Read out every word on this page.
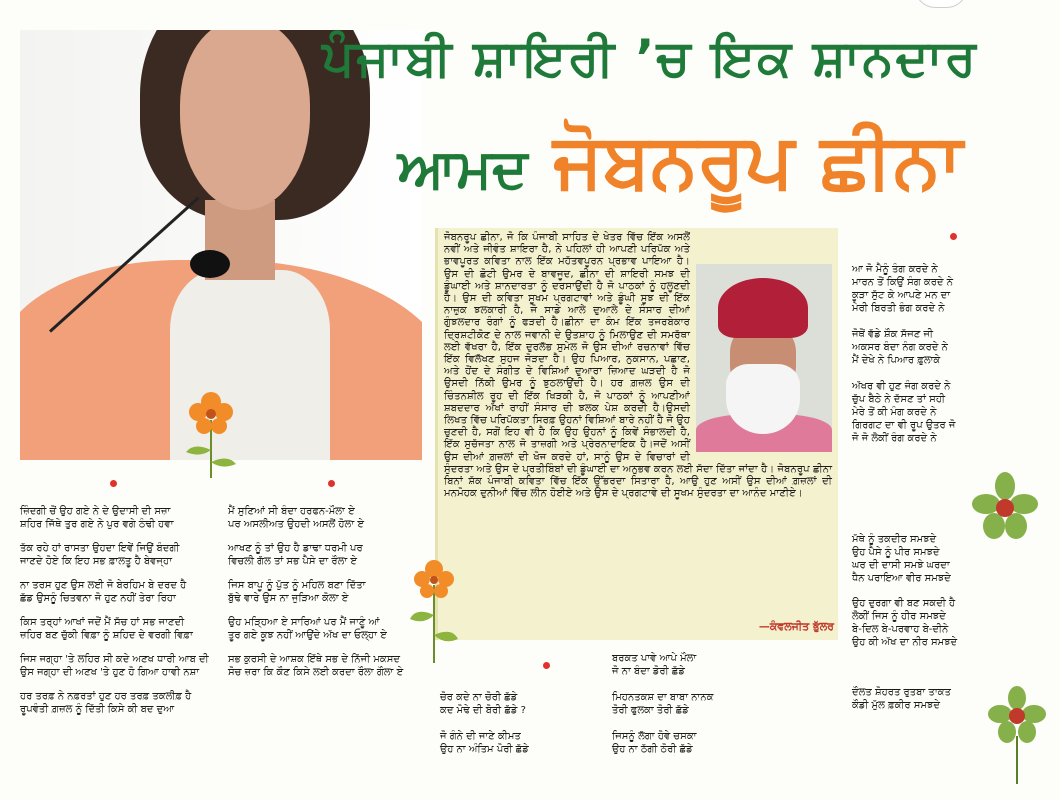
ਪੰਜਾਬੀ ਸ਼ਾਇਰੀ ’ਚ ਇਕ ਸ਼ਾਨਦਾਰ
ਆਮਦ ਜੋਬਨਰੂਪ ਛੀਨਾ

ਜੋਬਨਰੂਪ ਛੀਨਾ, ਜੋ ਕਿ ਪੰਜਾਬੀ ਸਾਹਿਤ ਦੇ ਖੇਤਰ ਵਿੱਚ ਇੱਕ ਅਸਲੋਂ ਨਵੀਂ ਅਤੇ ਜੀਵੰਤ ਸ਼ਾਇਰਾ ਹੈ, ਨੇ ਪਹਿਲਾਂ ਹੀ ਆਪਣੀ ਪਰਿਪੱਕ ਅਤੇ ਭਾਵਪੂਰਤ ਕਵਿਤਾ ਨਾਲ ਇੱਕ ਮਹੱਤਵਪੂਰਨ ਪ੍ਰਭਾਵ ਪਾਇਆ ਹੈ। ਉਸ ਦੀ ਛੋਟੀ ਉਮਰ ਦੇ ਬਾਵਜੂਦ, ਛੀਨਾ ਦੀ ਸ਼ਾਇਰੀ ਸਮਝ ਦੀ ਡੂੰਘਾਈ ਅਤੇ ਸ਼ਾਨਦਾਰਤਾ ਨੂੰ ਦਰਸਾਉਂਦੀ ਹੈ ਜੋ ਪਾਠਕਾਂ ਨੂੰ ਹਲੂਣਦੀ ਹੈ। ਉਸ ਦੀ ਕਵਿਤਾ ਸੂਖਮ ਪ੍ਰਗਟਾਵਾਂ ਅਤੇ ਡੂੰਘੀ ਸੂਝ ਦੀ ਇੱਕ ਨਾਜ਼ੁਕ ਝਲਕਾਰੀ ਹੈ, ਜੋ ਸਾਡੇ ਆਲੇ ਦੁਆਲੇ ਦੇ ਸੰਸਾਰ ਦੀਆਂ ਗੁੰਝਲਦਾਰ ਰੰਗਾਂ ਨੂੰ ਫੜਦੀ ਹੈ।ਛੀਨਾ ਦਾ ਕੰਮ ਇੱਕ ਤਜਰਬੇਕਾਰ ਦ੍ਰਿਸ਼ਟੀਕੋਣ ਦੇ ਨਾਲ ਜਵਾਨੀ ਦੇ ਉਤਸ਼ਾਹ ਨੂੰ ਮਿਲਾਉਣ ਦੀ ਸਮਰੱਥਾ ਲਈ ਵੱਖਰਾ ਹੈ, ਇੱਕ ਦੁਰਲੱਭ ਸੁਮੇਲ ਜੋ ਉਸ ਦੀਆਂ ਰਚਨਾਵਾਂ ਵਿੱਚ ਇੱਕ ਵਿਲੱਖਣ ਸੁਹਜ ਜੋੜਦਾ ਹੈ। ਉਹ ਪਿਆਰ, ਨੁਕਸਾਨ, ਪਛਾਣ, ਅਤੇ ਹੋਂਦ ਦੇ ਸੰਗੀਤ ਦੇ ਵਿਸ਼ਿਆਂ ਦੁਆਰਾ ਜ਼ਿਆਦ ਘੜਦੀ ਹੈ ਜੋ ਉਸਦੀ ਨਿੱਕੀ ਉਮਰ ਨੂੰ ਝੁਠਲਾਉਂਦੀ ਹੈ। ਹਰ ਗ਼ਜ਼ਲ ਉਸ ਦੀ ਚਿੰਤਨਸ਼ੀਲ ਰੂਹ ਦੀ ਇੱਕ ਖਿੜਕੀ ਹੈ, ਜੋ ਪਾਠਕਾਂ ਨੂੰ ਆਪਣੀਆਂ ਸ਼ਬਦਦਾਰ ਅੱਖਾਂ ਰਾਹੀਂ ਸੰਸਾਰ ਦੀ ਝਲਕ ਪੇਸ਼ ਕਰਦੀ ਹੈ।ਉਸਦੀ ਲਿਖਤ ਵਿੱਚ ਪਰਿਪੱਕਤਾ ਸਿਰਫ਼ ਉਹਨਾਂ ਵਿਸ਼ਿਆਂ ਬਾਰੇ ਨਹੀਂ ਹੈ ਜੋ ਉਹ ਚੁਣਦੀ ਹੈ, ਸਗੋਂ ਇਹ ਵੀ ਹੈ ਕਿ ਉਹ ਉਹਨਾਂ ਨੂੰ ਕਿਵੇਂ ਸੰਭਾਲਦੀ ਹੈ, ਇੱਕ ਸੁਚੱਜਤਾ ਨਾਲ ਜੋ ਤਾਜ਼ਗੀ ਅਤੇ ਪ੍ਰੇਰਨਾਦਾਇਕ ਹੈ।ਜਦੋਂ ਅਸੀਂ ਉਸ ਦੀਆਂ ਗ਼ਜ਼ਲਾਂ ਦੀ ਖੋਜ ਕਰਦੇ ਹਾਂ, ਸਾਨੂੰ ਉਸ ਦੇ ਵਿਚਾਰਾਂ ਦੀ ਸੁੰਦਰਤਾ ਅਤੇ ਉਸ ਦੇ ਪ੍ਰਤੀਬਿੰਬਾਂ ਦੀ ਡੂੰਘਾਈ ਦਾ ਅਨੁਭਵ ਕਰਨ ਲਈ ਸੱਦਾ ਦਿੱਤਾ ਜਾਂਦਾ ਹੈ। ਜੋਬਨਰੂਪ ਛੀਨਾ ਬਿਨਾਂ ਸ਼ੱਕ ਪੰਜਾਬੀ ਕਵਿਤਾ ਵਿੱਚ ਇੱਕ ਉੱਭਰਦਾ ਸਿਤਾਰਾ ਹੈ, ਆਉ ਹੁਣ ਅਸੀਂ ਉਸ ਦੀਆਂ ਗ਼ਜ਼ਲਾਂ ਦੀ ਮਨਮੋਹਕ ਦੁਨੀਆਂ ਵਿੱਚ ਲੀਨ ਹੋਈਏ ਅਤੇ ਉਸ ਦੇ ਪ੍ਰਗਟਾਵੇ ਦੀ ਸੂਖਮ ਸੁੰਦਰਤਾ ਦਾ ਆਨੰਦ ਮਾਣੀਏ।

—ਕੰਵਲਜੀਤ ਭੁੱਲਰ
ਜ਼ਿੰਦਗੀ ਚੋਂ ਉਹ ਗਏ ਨੇ ਦੇ ਉਦਾਸੀ ਦੀ ਸਜ਼ਾ
ਸ਼ਹਿਰ ਜਿੱਥੇ ਤੁਰ ਗਏ ਨੇ ਪੁਰ ਵਗੇ ਠੰਢੀ ਹਵਾ
ਤੱਕ ਰਹੇ ਹਾਂ ਰਾਸਤਾ ਉਹਦਾ ਇਵੇਂ ਜਿਉਂ ਬੰਦਗੀ
ਜਾਣਦੇ ਹੋਏ ਕਿ ਇਹ ਸਭ ਫ਼ਾਲਤੂ ਹੈ ਬੇਵਜ੍ਹਾ
ਨਾ ਤਰਸ ਹੁਣ ਉਸ ਲਈ ਜੋ ਬੇਰਹਿਮ ਬੇ ਦਰਦ ਹੈ
ਛੱਡ ਉਸਨੂੰ ਚਿਤਵਨਾ ਜੋ ਹੁਣ ਨਹੀਂ ਤੇਰਾ ਰਿਹਾ
ਕਿਸ ਤਰ੍ਹਾਂ ਆਖਾਂ ਜਦੋਂ ਮੈਂ ਸੱਚ ਹਾਂ ਸਭ ਜਾਣਦੀ
ਜ਼ਹਿਰ ਬਣ ਚੁੱਕੀ ਵਿਫ਼ਾ ਨੂੰ ਸ਼ਹਿਦ ਦੇ ਵਰਗੀ ਵਿਫ਼ਾ
ਜਿਸ ਜਗ੍ਹਾ 'ਤੇ ਲਹਿਰ ਸੀ ਕਦੇ ਅਣਖ ਧਾਰੀ ਆਬ ਦੀ
ਉਸ ਜਗ੍ਹਾ ਦੀ ਅਣਖ 'ਤੇ ਹੁਣ ਹੋ ਗਿਆ ਹਾਵੀ ਨਸ਼ਾ
ਹਰ ਤਰਫ਼ ਨੇ ਨਫ਼ਰਤਾਂ ਹੁਣ ਹਰ ਤਰਫ਼ ਤਕਲੀਫ਼ ਹੈ
ਰੂਪਵੰਤੀ ਗ਼ਜ਼ਲ ਨੂੰ ਦਿੱਤੀ ਕਿਸੇ ਕੀ ਬਦ ਦੁਆ
ਮੈਂ ਸੁਣਿਆਂ ਸੀ ਬੰਦਾ ਹਰਫਨ-ਮੌਲਾ ਏ
ਪਰ ਅਸਲੀਅਤ ਉਹਦੀ ਅਸਲੋਂ ਹੋਲਾ ਏ
ਆਖਣ ਨੂੰ ਤਾਂ ਉਹ ਹੈ ਡਾਢਾ ਧਰਮੀ ਪਰ
ਵਿਚਲੀ ਗੱਲ ਤਾਂ ਸਭ ਪੈਸੇ ਦਾ ਰੌਲਾ ਏ
ਜਿਸ ਬਾਪੂ ਨੂੰ ਪੁੱਤ ਨੂੰ ਮਹਿਲ ਬਣਾ ਦਿੱਤਾ
ਬੁੱਢੇ ਵਾਰੇ ਉਸ ਨਾ ਜੁੜਿਆ ਕੋਲਾ ਏ
ਉਹ ਮੜ੍ਹਿਆ ਏ ਸਾਰਿਆਂ ਪਰ ਮੈਂ ਜਾਣੂੰ ਆਂ
ਤੂਰ ਗਏ ਕੂਝ ਨਹੀਂ ਆਉਂਦੇ ਅੱਖ ਦਾ ਓਲ੍ਹਾ ਏ
ਸਭ ਕੁਰਸੀ ਦੇ ਆਸ਼ਕ ਇੱਥੇ ਸਭ ਦੇ ਨਿੱਜੀ ਮਕਸਦ
ਸੋਚ ਜ਼ਰਾ ਕਿ ਕੌਣ ਕਿਸੇ ਲਈ ਕਰਦਾ ਰੌਲਾ ਗੌਲਾ ਏ
ਚੋਰ ਕਦੇ ਨਾ ਚੋਰੀ ਛੱਡੇ
ਕਦ ਮੋਢੇ ਦੀ ਬੋਰੀ ਛੱਡੇ ?
ਜੋ ਗੰਨੇ ਦੀ ਜਾਣੇ ਕੀਮਤ
ਉਹ ਨਾ ਅੰਤਿਮ ਪੋਰੀ ਛੱਡੇ
ਬਰਕਤ ਪਾਵੇ ਆਪੇ ਮੌਲਾ
ਜੋ ਨਾ ਬੰਦਾ ਡੋਰੀ ਛੱਡੇ
ਮਿਹਨਤਕਸ਼ ਦਾ ਬਾਬਾ ਨਾਨਕ
ਤੋਰੀ ਫੁਲਕਾ ਤੋਰੀ ਛੱਡੇ
ਜਿਸਨੂੰ ਲੱਗਾ ਹੋਵੇ ਚਸਕਾ
ਉਹ ਨਾ ਠੱਗੀ ਠੋਰੀ ਛੱਡੇ
ਆ ਜੋ ਮੈਨੂੰ ਤੰਗ ਕਰਦੇ ਨੇ
ਮਾਰਨ ਤੋਂ ਕਿਉਂ ਸੰਗ ਕਰਦੇ ਨੇ
ਕੂੜਾ ਸੁੱਟ ਕੇ ਆਪਣੇ ਮਨ ਦਾ
ਮੇਰੀ ਬਿਰਤੀ ਭੰਗ ਕਰਦੇ ਨੇ
ਜੋਥੋਂ ਵੱਡੇ ਸ਼ੌਕ ਸੱਜਣ ਜੀ
ਅਕਸਰ ਬੰਦਾ ਨੰਗ ਕਰਦੇ ਨੇ
ਮੈਂ ਦੇਖੇ ਨੇ ਪਿਆਰ ਫ਼ੁਲਾਕੇ
ਅੱਖਰ ਵੀ ਹੁਣ ਜੰਗ ਕਰਦੇ ਨੇ
ਚੁੱਪ ਬੈਠੇ ਨੇ ਦੱਸਣ ਤਾਂ ਸਹੀ
ਮੇਰੇ ਤੋਂ ਕੀ ਮੰਗ ਕਰਦੇ ਨੇ
ਗਿਰਗਟ ਦਾ ਵੀ ਰੂਪ ਉਤਰ ਜੋ
ਜੋ ਜੋ ਲੋਕੀਂ ਰੰਗ ਕਰਦੇ ਨੇ
ਮੱਥੇ ਨੂੰ ਤਕਦੀਰ ਸਮਝਦੇ
ਉਹ ਪੈਸੇ ਨੂੰ ਪੀਰ ਸਮਝਦੇ
ਘਰ ਦੀ ਦਾਸੀ ਸਮਝੇ ਘਰਦਾ
ਧੈਨ ਪਰਾਇਆ ਵੀਰ ਸਮਝਦੇ
ਉਹ ਦੁਰਗਾ ਵੀ ਬਣ ਸਕਦੀ ਹੈ
ਲੋਕੀਂ ਜਿਸ ਨੂੰ ਹੀਰ ਸਮਝਦੇ
ਬੇ-ਦਿਲ ਬੇ-ਪਰਵਾਹ ਬੇ-ਦੀਨੇ
ਉਹ ਕੀ ਅੱਖ ਦਾ ਨੀਰ ਸਮਝਦੇ
ਦੌਲਤ ਸ਼ੋਹਰਤ ਰੁਤਬਾ ਤਾਕਤ
ਕੌਡੀ ਮੁੱਲ ਫ਼ਕੀਰ ਸਮਝਦੇ
